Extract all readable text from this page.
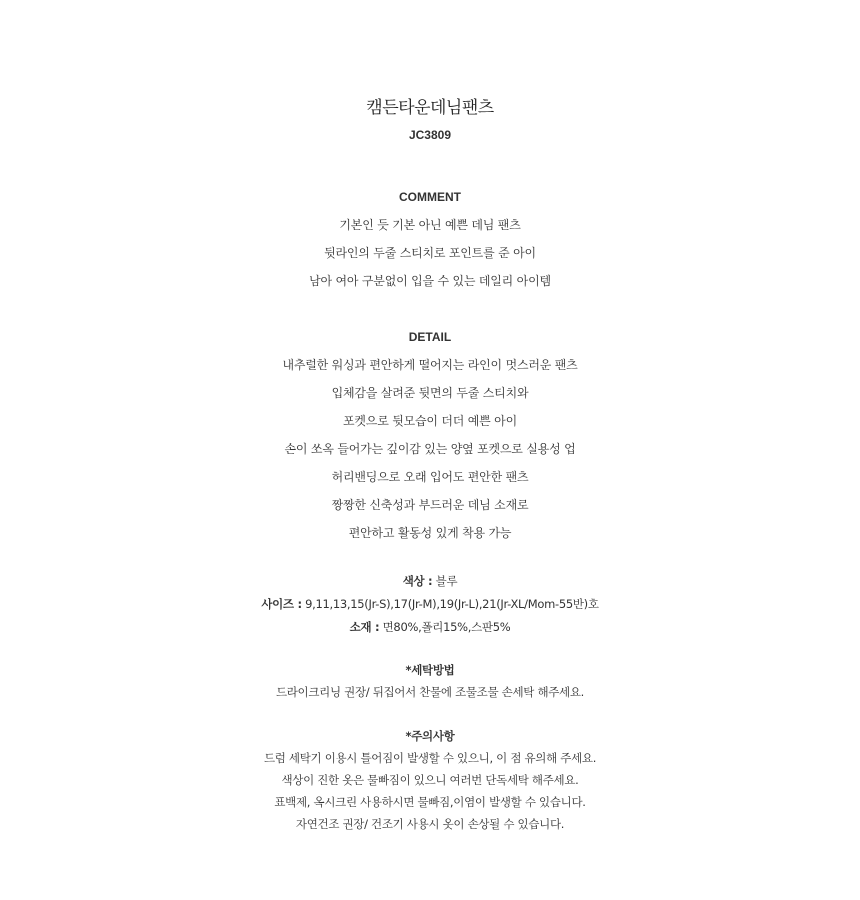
캠든타운데님팬츠

JC3809

COMMENT

기본인 듯 기본 아닌 예쁜 데님 팬츠

뒷라인의 두줄 스티치로 포인트를 준 아이

남아 여아 구분없이 입을 수 있는 데일리 아이템

DETAIL

내추럴한 워싱과 편안하게 떨어지는 라인이 멋스러운 팬츠

입체감을 살려준 뒷면의 두줄 스티치와

포켓으로 뒷모습이 더더 예쁜 아이

손이 쏘옥 들어가는 깊이감 있는 양옆 포켓으로 실용성 업

허리밴딩으로 오래 입어도 편안한 팬츠

짱짱한 신축성과 부드러운 데님 소재로

편안하고 활동성 있게 착용 가능

색상 : 블루

사이즈 : 9,11,13,15(Jr-S),17(Jr-M),19(Jr-L),21(Jr-XL/Mom-55반)호

소재 : 면80%,폴리15%,스판5%

*세탁방법

드라이크리닝 권장/ 뒤집어서 찬물에 조물조물 손세탁 해주세요.

*주의사항

드럼 세탁기 이용시 틀어짐이 발생할 수 있으니, 이 점 유의해 주세요.

색상이 진한 옷은 물빠짐이 있으니 여러번 단독세탁 해주세요.

표백제, 옥시크린 사용하시면 물빠짐,이염이 발생할 수 있습니다.

자연건조 권장/ 건조기 사용시 옷이 손상될 수 있습니다.
